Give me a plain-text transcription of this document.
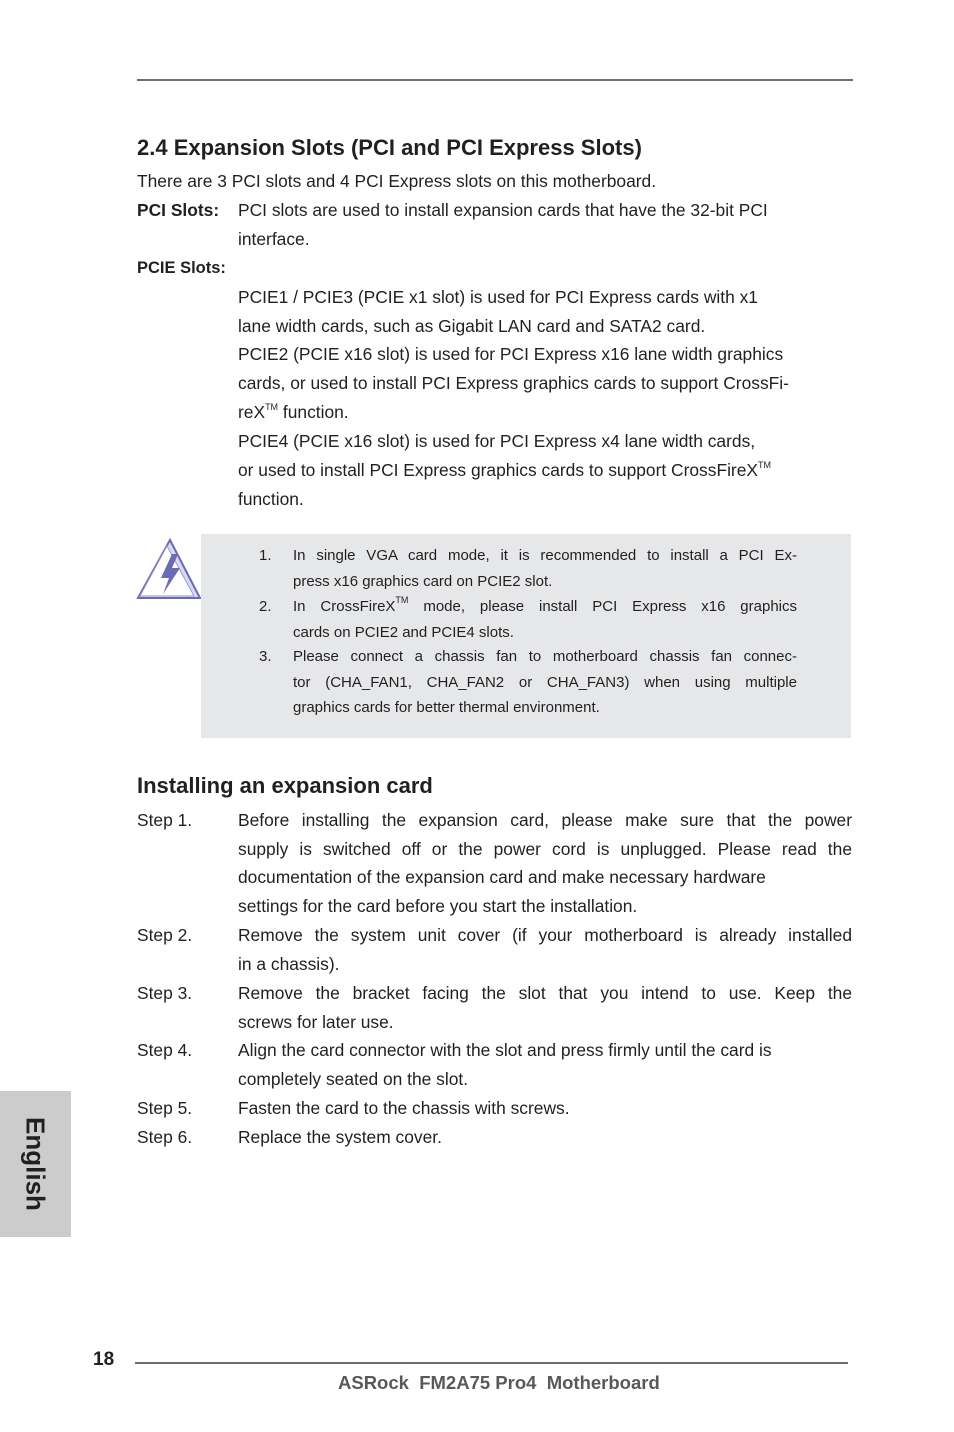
2.4 Expansion Slots (PCI and PCI Express Slots)

There are 3 PCI slots and 4 PCI Express slots on this motherboard.

PCI Slots: PCI slots are used to install expansion cards that have the 32-bit PCI

interface.

PCIE Slots:

PCIE1 / PCIE3 (PCIE x1 slot) is used for PCI Express cards with x1

lane width cards, such as Gigabit LAN card and SATA2 card.

PCIE2 (PCIE x16 slot) is used for PCI Express x16 lane width graphics

cards, or used to install PCI Express graphics cards to support CrossFi-

reX™ function.

PCIE4 (PCIE x16 slot) is used for PCI Express x4 lane width cards,

or used to install PCI Express graphics cards to support CrossFireX™

function.

1. In single VGA card mode, it is recommended to install a PCI Ex-
press x16 graphics card on PCIE2 slot.
2. In CrossFireX™ mode, please install PCI Express x16 graphics
cards on PCIE2 and PCIE4 slots.
3. Please connect a chassis fan to motherboard chassis fan connec-
tor (CHA_FAN1, CHA_FAN2 or CHA_FAN3) when using multiple
graphics cards for better thermal environment.
Installing an expansion card
Step 1.	Before installing the expansion card, please make sure that the power
supply is switched off or the power cord is unplugged. Please read the
documentation of the expansion card and make necessary hardware
settings for the card before you start the installation.
Step 2.	Remove the system unit cover (if your motherboard is already installed
in a chassis).
Step 3.	Remove the bracket facing the slot that you intend to use. Keep the
screws for later use.
Step 4.	Align the card connector with the slot and press firmly until the card is
completely seated on the slot.
Step 5.	Fasten the card to the chassis with screws.
Step 6.	Replace the system cover.
English
18
ASRock  FM2A75 Pro4  Motherboard
